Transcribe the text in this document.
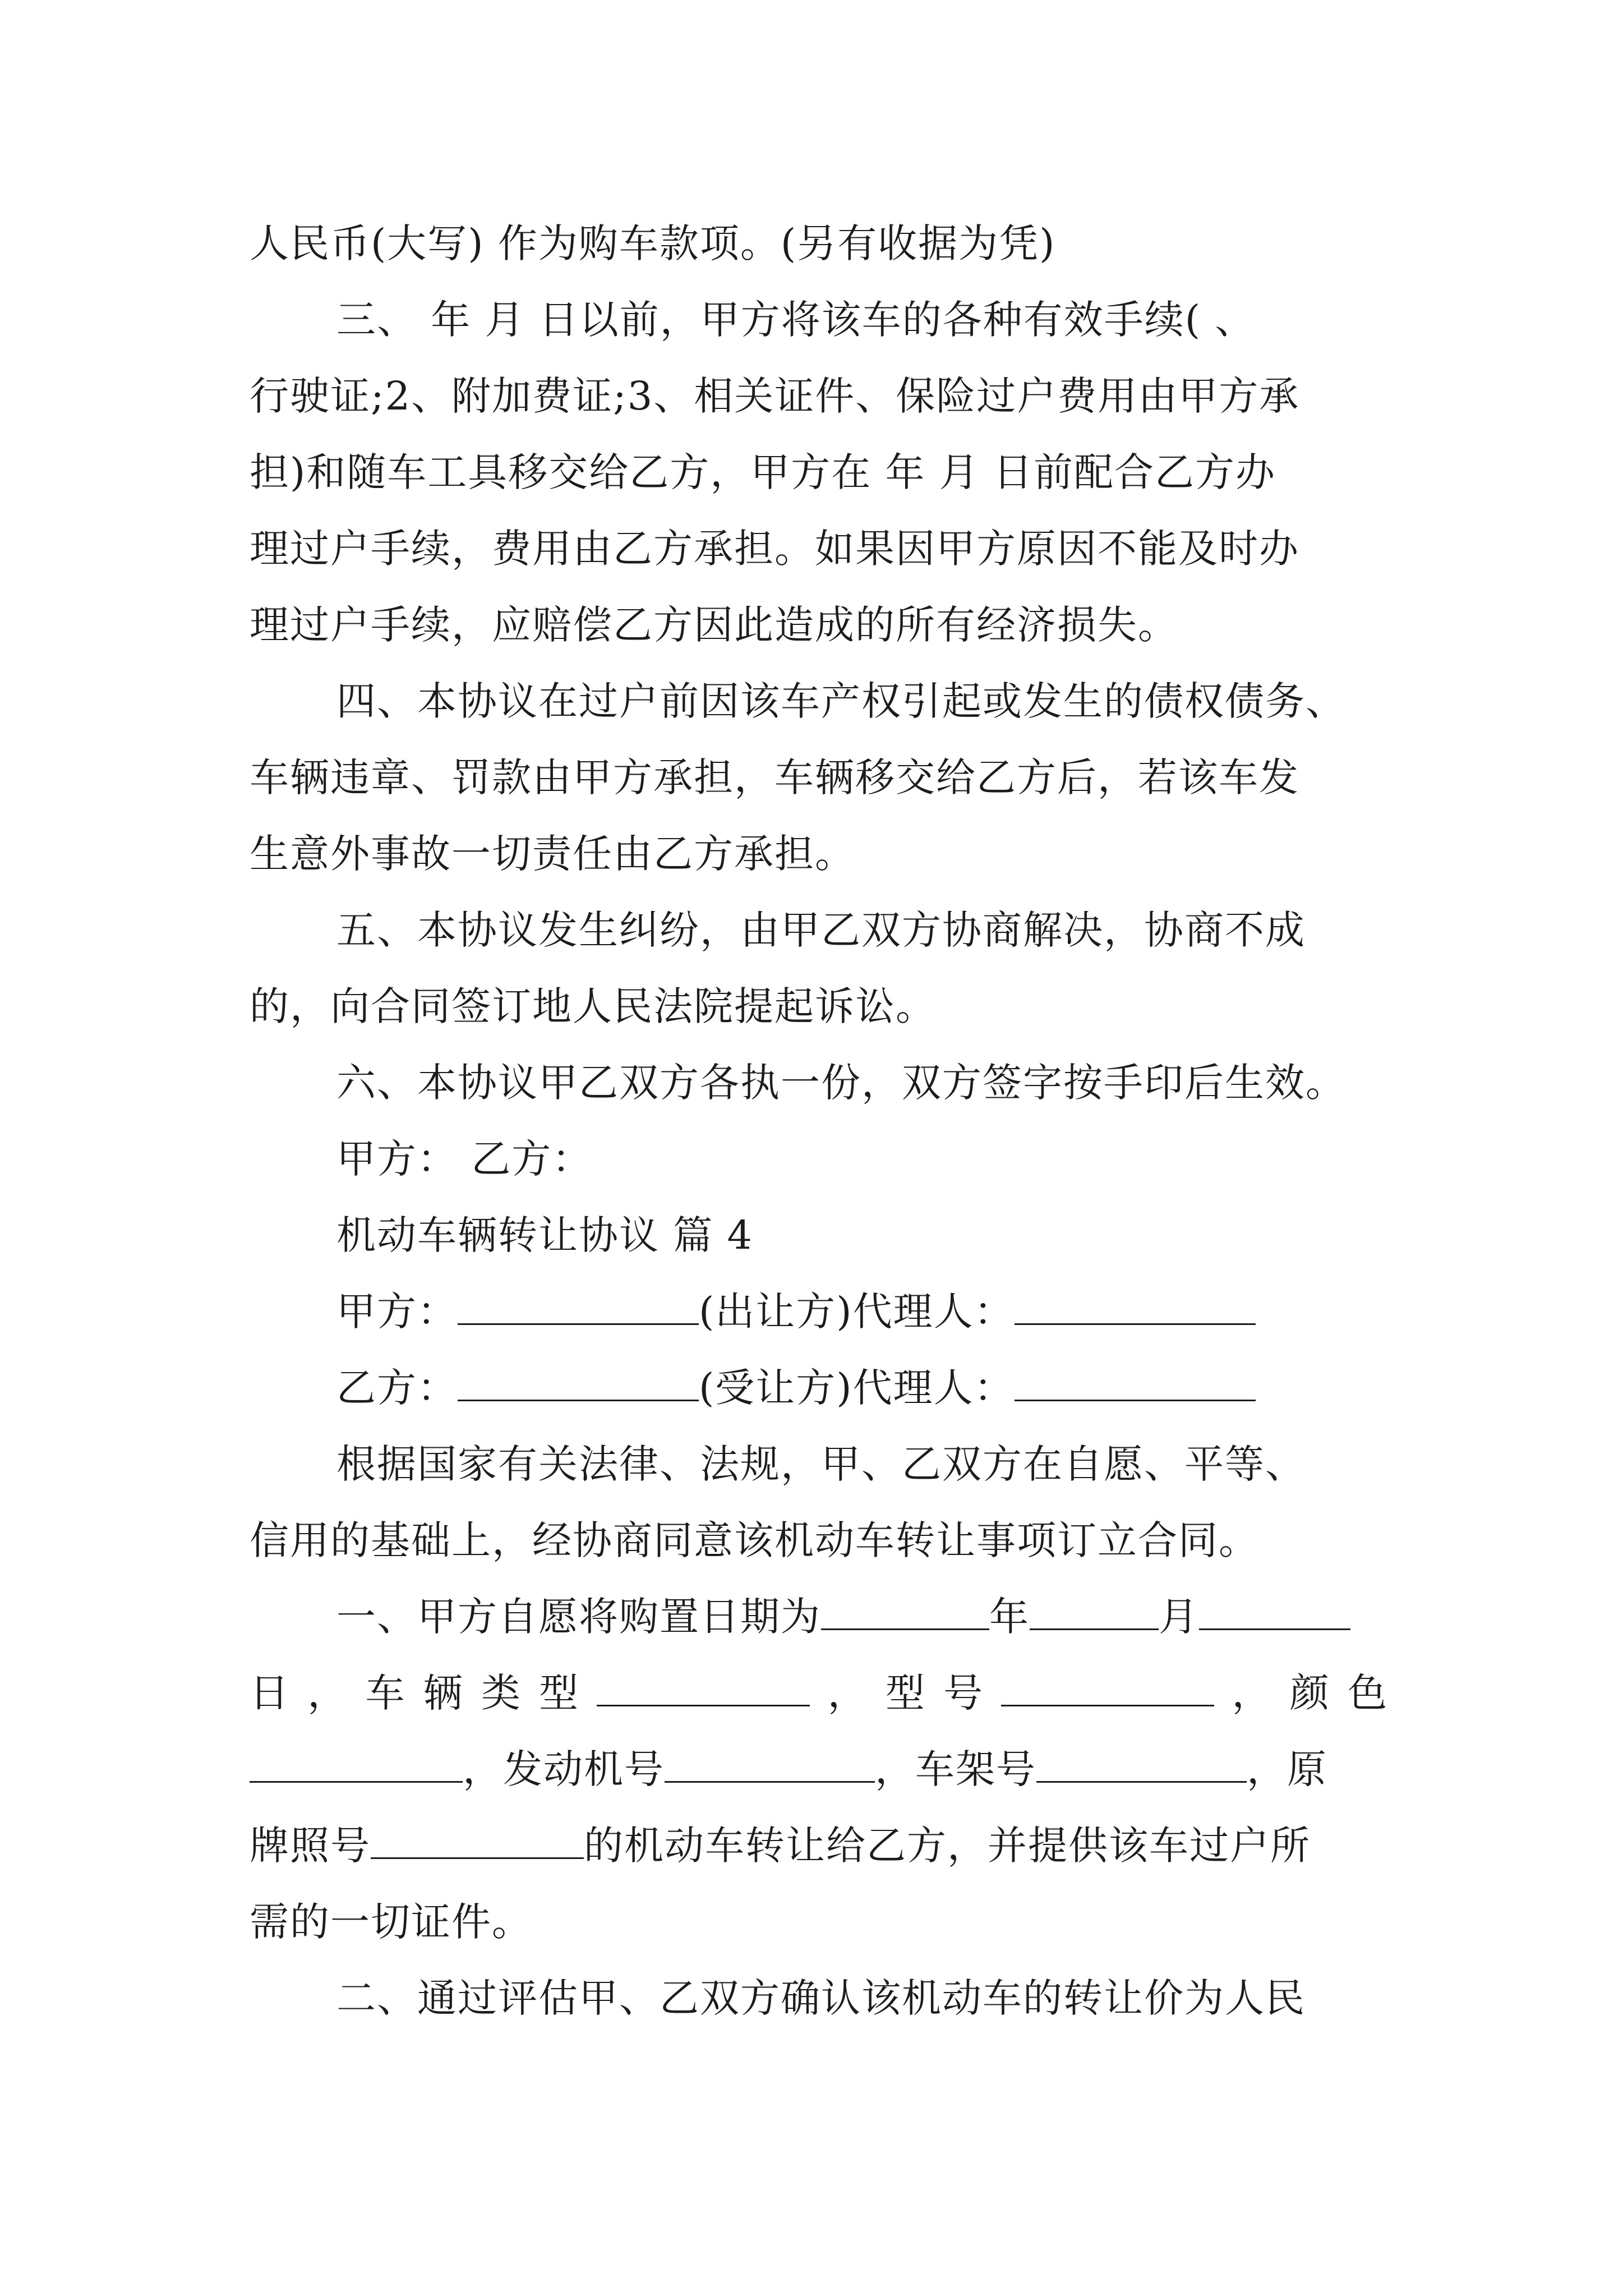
人民币(大写) 作为购车款项。(另有收据为凭)
三、 年 月 日以前，甲方将该车的各种有效手续( 、
行驶证;2、附加费证;3、相关证件、保险过户费用由甲方承
担)和随车工具移交给乙方，甲方在 年 月 日前配合乙方办
理过户手续，费用由乙方承担。如果因甲方原因不能及时办
理过户手续，应赔偿乙方因此造成的所有经济损失。
四、本协议在过户前因该车产权引起或发生的债权债务、
车辆违章、罚款由甲方承担，车辆移交给乙方后，若该车发
生意外事故一切责任由乙方承担。
五、本协议发生纠纷，由甲乙双方协商解决，协商不成
的，向合同签订地人民法院提起诉讼。
六、本协议甲乙双方各执一份，双方签字按手印后生效。
甲方： 乙方：
机动车辆转让协议 篇 4
甲方：	(出让方)代理人：
乙方：	(受让方)代理人：
根据国家有关法律、法规，甲、乙双方在自愿、平等、
信用的基础上，经协商同意该机动车转让事项订立合同。
一、甲方自愿将购置日期为	年	月
日，车辆类型	，型号	，颜色
，发动机号	，车架号	，原
牌照号	的机动车转让给乙方，并提供该车过户所
需的一切证件。
二、通过评估甲、乙双方确认该机动车的转让价为人民
